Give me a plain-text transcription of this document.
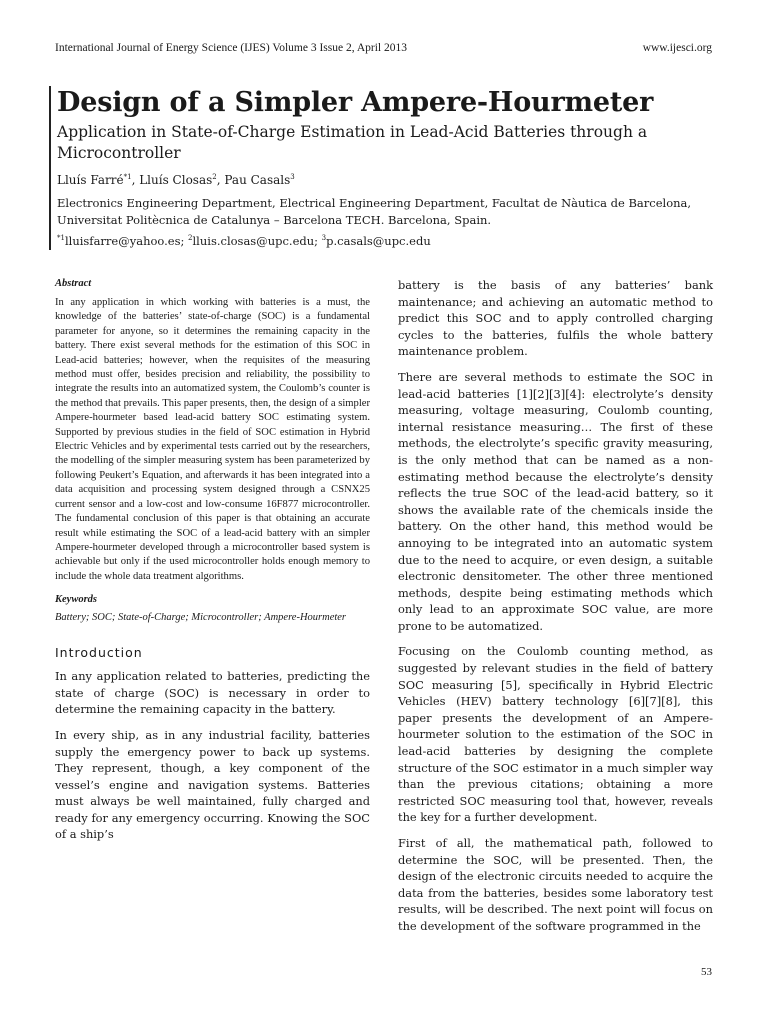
International Journal of Energy Science (IJES) Volume 3 Issue 2, April 2013	www.ijesci.org
Design of a Simpler Ampere-Hourmeter
Application in State-of-Charge Estimation in Lead-Acid Batteries through a Microcontroller
Lluís Farré$^{*1}$, Lluís Closas$^2$, Pau Casals$^3$
Electronics Engineering Department, Electrical Engineering Department, Facultat de Nàutica de Barcelona,
Universitat Politècnica de Catalunya – Barcelona TECH. Barcelona, Spain.
$^{*1}$lluisfarre@yahoo.es; $^2$lluis.closas@upc.edu; $^3$p.casals@upc.edu

Abstract

In any application in which working with batteries is a must, the knowledge of the batteries’ state-of-charge (SOC) is a fundamental parameter for anyone, so it determines the remaining capacity in the battery. There exist several methods for the estimation of this SOC in Lead-acid batteries; however, when the requisites of the measuring method must offer, besides precision and reliability, the possibility to integrate the results into an automatized system, the Coulomb’s counter is the method that prevails. This paper presents, then, the design of a simpler Ampere-hourmeter based lead-acid battery SOC estimating system. Supported by previous studies in the field of SOC estimation in Hybrid Electric Vehicles and by experimental tests carried out by the researchers, the modelling of the simpler measuring system has been parameterized by following Peukert’s Equation, and afterwards it has been integrated into a data acquisition and processing system designed through a CSNX25 current sensor and a low-cost and low-consume 16F877 microcontroller. The fundamental conclusion of this paper is that obtaining an accurate result while estimating the SOC of a lead-acid battery with an simpler Ampere-hourmeter developed through a microcontroller based system is achievable but only if the used microcontroller holds enough memory to include the whole data treatment algorithms.

Keywords

Battery; SOC; State-of-Charge; Microcontroller; Ampere-Hourmeter

Introduction

In any application related to batteries, predicting the state of charge (SOC) is necessary in order to determine the remaining capacity in the battery.

In every ship, as in any industrial facility, batteries supply the emergency power to back up systems. They represent, though, a key component of the vessel’s engine and navigation systems. Batteries must always be well maintained, fully charged and ready for any emergency occurring. Knowing the SOC of a ship’s

battery is the basis of any batteries’ bank maintenance; and achieving an automatic method to predict this SOC and to apply controlled charging cycles to the batteries, fulfils the whole battery maintenance problem.

There are several methods to estimate the SOC in lead-acid batteries [1][2][3][4]: electrolyte’s density measuring, voltage measuring, Coulomb counting, internal resistance measuring… The first of these methods, the electrolyte’s specific gravity measuring, is the only method that can be named as a non-estimating method because the electrolyte’s density reflects the true SOC of the lead-acid battery, so it shows the available rate of the chemicals inside the battery. On the other hand, this method would be annoying to be integrated into an automatic system due to the need to acquire, or even design, a suitable electronic densitometer. The other three mentioned methods, despite being estimating methods which only lead to an approximate SOC value, are more prone to be automatized.

Focusing on the Coulomb counting method, as suggested by relevant studies in the field of battery SOC measuring [5], specifically in Hybrid Electric Vehicles (HEV) battery technology [6][7][8], this paper presents the development of an Ampere-hourmeter solution to the estimation of the SOC in lead-acid batteries by designing the complete structure of the SOC estimator in a much simpler way than the previous citations; obtaining a more restricted SOC measuring tool that, however, reveals the key for a further development.

First of all, the mathematical path, followed to determine the SOC, will be presented. Then, the design of the electronic circuits needed to acquire the data from the batteries, besides some laboratory test results, will be described. The next point will focus on the development of the software programmed in the

53
